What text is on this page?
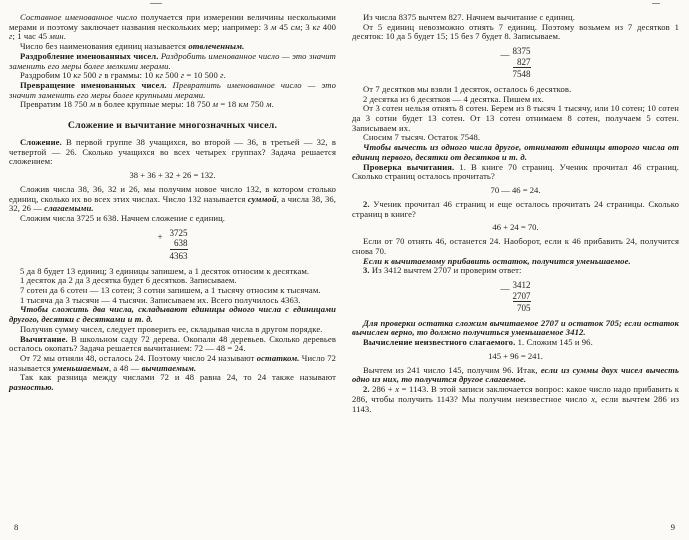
Составное именованное число получается при измерении величины несколькими мерами и поэтому заключает названия нескольких мер; например: 3 м 45 см; 3 кг 400 г; 1 час 45 мин.

Число без наименования единиц называется отвлеченным.

Раздробление именованных чисел. Раздробить именованное число — это значит заменить его меры более мелкими мерами.

Раздробим 10 кг 500 г в граммы: 10 кг 500 г = 10 500 г.

Превращение именованных чисел. Превратить именованное число — это значит заменить его меры более крупными мерами.

Превратим 18 750 м в более крупные меры: 18 750 м = 18 км 750 м.

Сложение и вычитание многозначных чисел.

Сложение. В первой группе 38 учащихся, во второй — 36, в третьей — 32, в четвертой — 26. Сколько учащихся во всех четырех группах? Задача решается сложением:

38 + 36 + 32 + 26 = 132.

Сложив числа 38, 36, 32 и 26, мы получим новое число 132, в котором столько единиц, сколько их во всех этих числах. Число 132 называется суммой, а числа 38, 36, 32, 26 — слагаемыми.

Сложим числа 3725 и 638. Начнем сложение с единиц.

+ 3725
638
4363

5 да 8 будет 13 единиц; 3 единицы запишем, а 1 десяток относим к десяткам.

1 десяток да 2 да 3 десятка будет 6 десятков. Записываем.

7 сотен да 6 сотен — 13 сотен; 3 сотни запишем, а 1 тысячу относим к тысячам.

1 тысяча да 3 тысячи — 4 тысячи. Записываем их. Всего получилось 4363.

Чтобы сложить два числа, складывают единицы одного числа с единицами другого, десятки с десятками и т. д.

Получив сумму чисел, следует проверить ее, складывая числа в другом порядке.

Вычитание. В школьном саду 72 дерева. Окопали 48 деревьев. Сколько деревьев осталось окопать? Задача решается вычитанием: 72 — 48 = 24.

От 72 мы отняли 48, осталось 24. Поэтому число 24 называют остатком. Число 72 называется уменьшаемым, а 48 — вычитаемым.

Так как разница между числами 72 и 48 равна 24, то 24 также называют разностью.

Из числа 8375 вычтем 827. Начнем вычитание с единиц.

От 5 единиц невозможно отнять 7 единиц. Поэтому возьмем из 7 десятков 1 десяток: 10 да 5 будет 15; 15 без 7 будет 8. Записываем.

— 8375
827
7548

От 7 десятков мы взяли 1 десяток, осталось 6 десятков.

2 десятка из 6 десятков — 4 десятка. Пишем их.

От 3 сотен нельзя отнять 8 сотен. Берем из 8 тысяч 1 тысячу, или 10 сотен; 10 сотен да 3 сотни будет 13 сотен. От 13 сотен отнимаем 8 сотен, получаем 5 сотен. Записываем их.

Сносим 7 тысяч. Остаток 7548.

Чтобы вычесть из одного числа другое, отнимают единицы второго числа от единиц первого, десятки от десятков и т. д.

Проверка вычитания. 1. В книге 70 страниц. Ученик прочитал 46 страниц. Сколько страниц осталось прочитать?

70 — 46 = 24.

2. Ученик прочитал 46 страниц и еще осталось прочитать 24 страницы. Сколько страниц в книге?

46 + 24 = 70.

Если от 70 отнять 46, останется 24. Наоборот, если к 46 прибавить 24, получится снова 70.

Если к вычитаемому прибавить остаток, получится уменьшаемое.

3. Из 3412 вычтем 2707 и проверим ответ:

— 3412
2707
705

Для проверки остатка сложим вычитаемое 2707 и остаток 705; если остаток вычислен верно, то должно получиться уменьшаемое 3412.

Вычисление неизвестного слагаемого. 1. Сложим 145 и 96.

145 + 96 = 241.

Вычтем из 241 число 145, получим 96. Итак, если из суммы двух чисел вычесть одно из них, то получится другое слагаемое.

2. 286 + x = 1143. В этой записи заключается вопрос: какое число надо прибавить к 286, чтобы получить 1143? Мы получим неизвестное число x, если вычтем 286 из 1143.

8	9
